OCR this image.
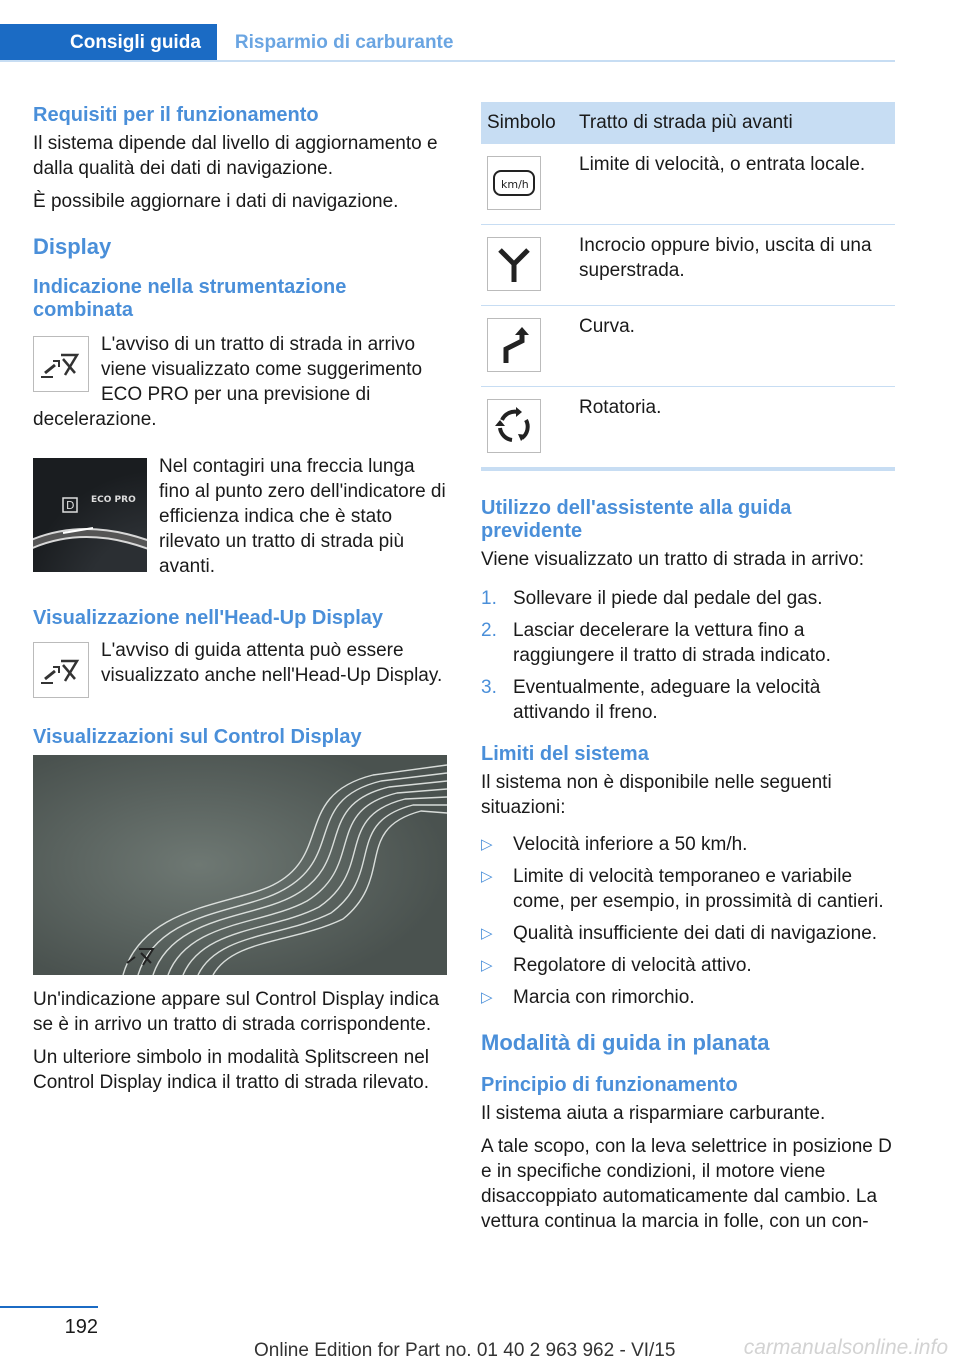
Consigli guida	Risparmio di carburante
Requisiti per il funzionamento

Il sistema dipende dal livello di aggiornamento e dalla qualità dei dati di navigazione.

È possibile aggiornare i dati di navigazione.

Display
Indicazione nella strumentazione combinata

L'avviso di un tratto di strada in arrivo viene visualizzato come suggerimento ECO PRO per una previsione di decelerazione.

D ECO PRO

Nel contagiri una freccia lunga fino al punto zero dell'indicatore di efficienza indica che è stato rilevato un tratto di strada più avanti.

Visualizzazione nell'Head-Up Display

L'avviso di guida attenta può essere visualizzato anche nell'Head-Up Display.

Visualizzazioni sul Control Display

Un'indicazione appare sul Control Display indica se è in arrivo un tratto di strada corrispondente.

Un ulteriore simbolo in modalità Splitscreen nel Control Display indica il tratto di strada rilevato.

Simbolo	Tratto di strada più avanti

km/h	Limite di velocità, o entrata locale.

	Incrocio oppure bivio, uscita di una superstrada.

	Curva.

	Rotatoria.
Utilizzo dell'assistente alla guida previdente

Viene visualizzato un tratto di strada in arrivo:

1. Sollevare il piede dal pedale del gas.
2. Lasciar decelerare la vettura fino a raggiungere il tratto di strada indicato.
3. Eventualmente, adeguare la velocità attivando il freno.
Limiti del sistema

Il sistema non è disponibile nelle seguenti situazioni:

▷	Velocità inferiore a 50 km/h.
▷	Limite di velocità temporaneo e variabile come, per esempio, in prossimità di cantieri.
▷	Qualità insufficiente dei dati di navigazione.
▷	Regolatore di velocità attivo.
▷	Marcia con rimorchio.
Modalità di guida in planata
Principio di funzionamento

Il sistema aiuta a risparmiare carburante.

A tale scopo, con la leva selettrice in posizione D e in specifiche condizioni, il motore viene disaccoppiato automaticamente dal cambio. La vettura continua la marcia in folle, con un con-

192
Online Edition for Part no. 01 40 2 963 962 - VI/15	carmanualsonline.info
